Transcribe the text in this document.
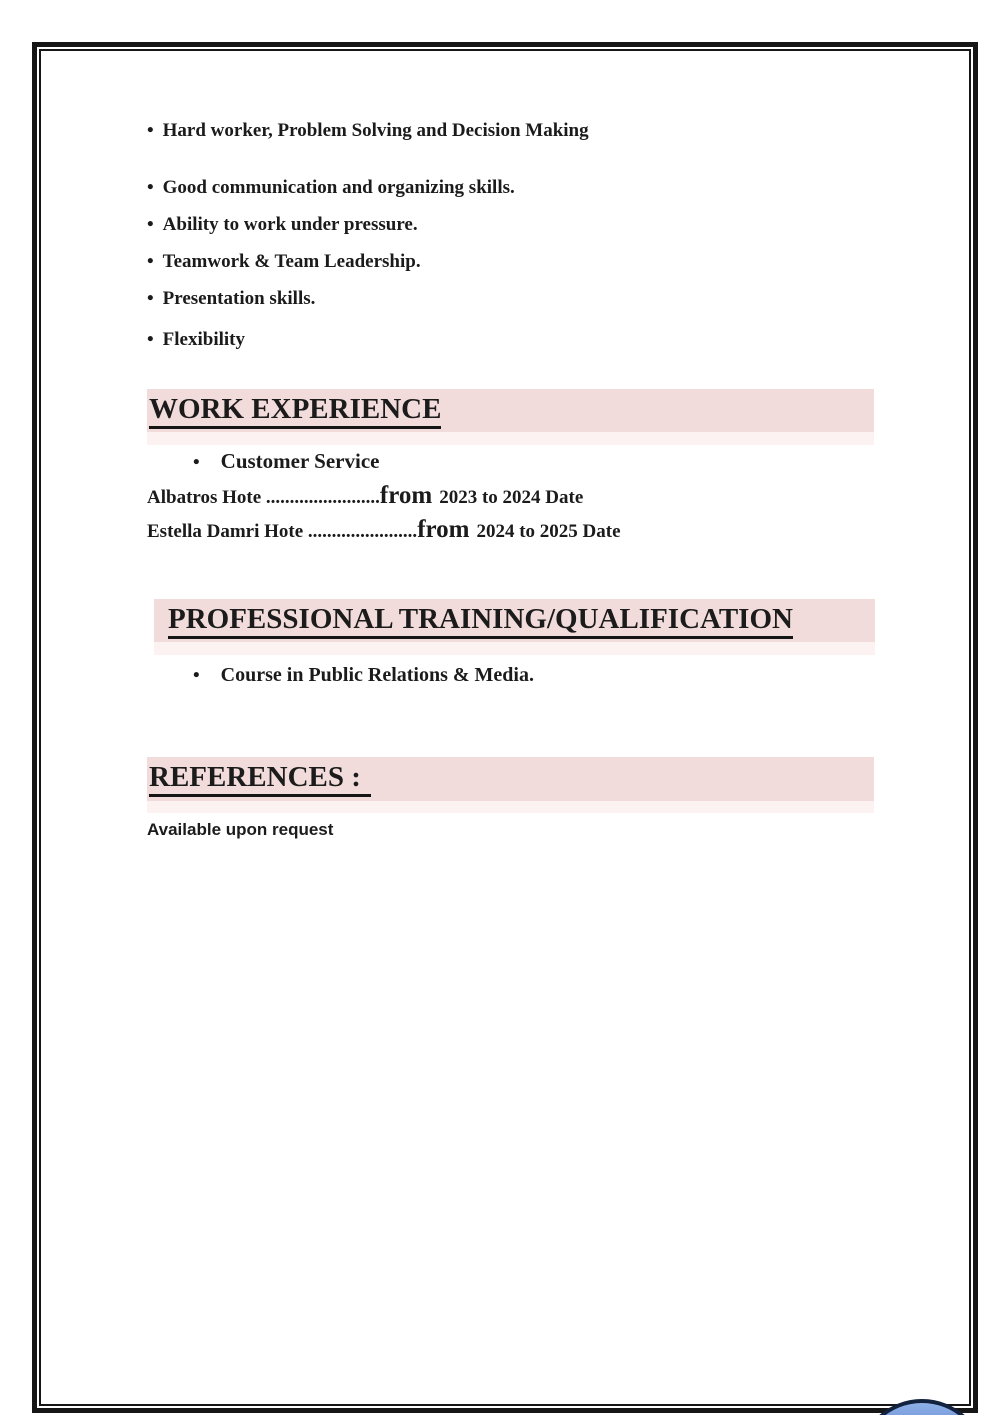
• Hard worker, Problem Solving and Decision Making
• Good communication and organizing skills.
• Ability to work under pressure.
• Teamwork & Team Leadership.
• Presentation skills.
• Flexibility
WORK EXPERIENCE
• Customer Service
Albatros Hote ........................from 2023 to 2024 Date
Estella Damri Hote .......................from 2024 to 2025 Date
PROFESSIONAL TRAINING/QUALIFICATION
• Course in Public Relations & Media.
REFERENCES :
Available upon request
